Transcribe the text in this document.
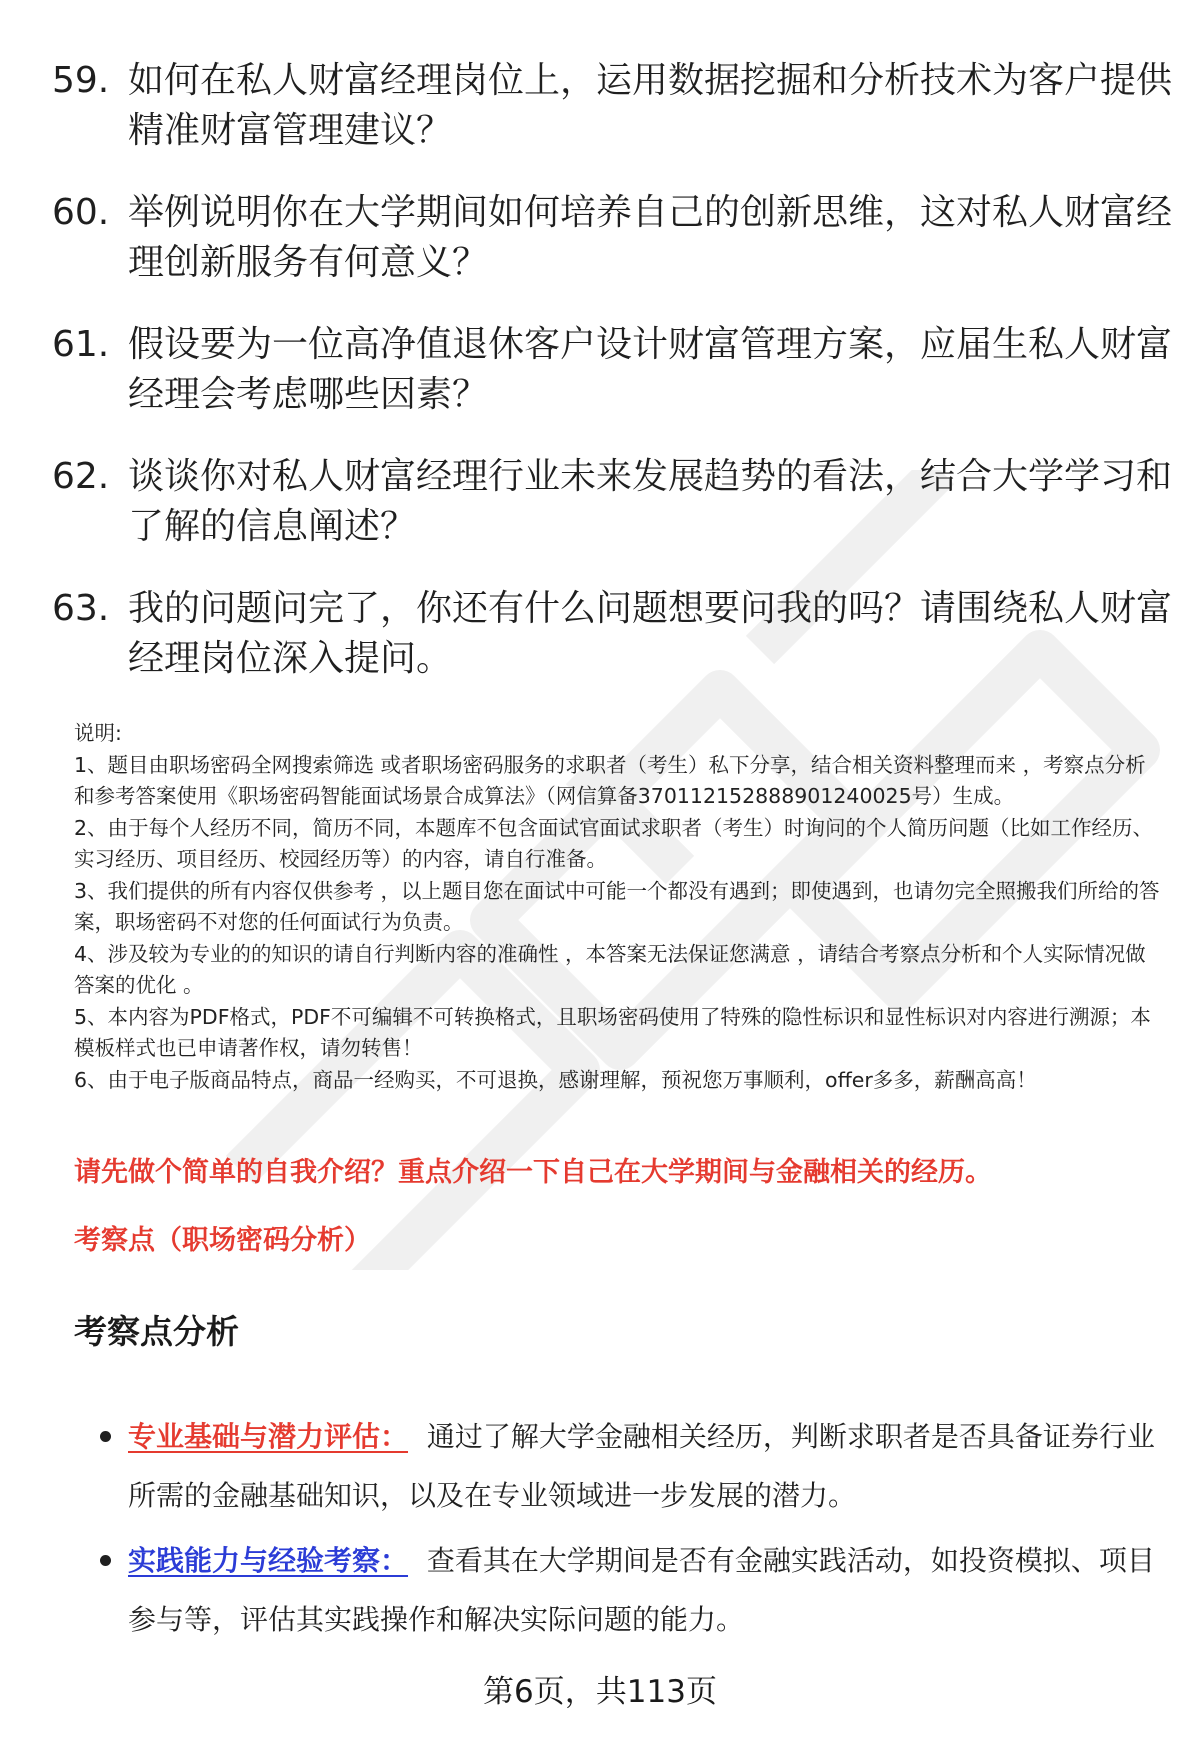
59. 如何在私人财富经理岗位上，运用数据挖掘和分析技术为客户提供精准财富管理建议？
60. 举例说明你在大学期间如何培养自己的创新思维，这对私人财富经理创新服务有何意义？
61. 假设要为一位高净值退休客户设计财富管理方案，应届生私人财富经理会考虑哪些因素？
62. 谈谈你对私人财富经理行业未来发展趋势的看法，结合大学学习和了解的信息阐述？
63. 我的问题问完了，你还有什么问题想要问我的吗？请围绕私人财富经理岗位深入提问。

说明:

1、题目由职场密码全网搜索筛选 或者职场密码服务的求职者（考生）私下分享，结合相关资料整理而来 ，考察点分析和参考答案使用《职场密码智能面试场景合成算法》（网信算备370112152888901240025号）生成。

2、由于每个人经历不同，简历不同，本题库不包含面试官面试求职者（考生）时询问的个人简历问题（比如工作经历、实习经历、项目经历、校园经历等）的内容，请自行准备。

3、我们提供的所有内容仅供参考 ，以上题目您在面试中可能一个都没有遇到；即使遇到，也请勿完全照搬我们所给的答案，职场密码不对您的任何面试行为负责。

4、涉及较为专业的的知识的请自行判断内容的准确性 ，本答案无法保证您满意 ，请结合考察点分析和个人实际情况做答案的优化 。

5、本内容为PDF格式，PDF不可编辑不可转换格式，且职场密码使用了特殊的隐性标识和显性标识对内容进行溯源；本模板样式也已申请著作权，请勿转售！

6、由于电子版商品特点，商品一经购买，不可退换，感谢理解，预祝您万事顺利，offer多多，薪酬高高！

请先做个简单的自我介绍？重点介绍一下自己在大学期间与金融相关的经历。
考察点（职场密码分析）
考察点分析
专业基础与潜力评估： 通过了解大学金融相关经历，判断求职者是否具备证券行业所需的金融基础知识，以及在专业领域进一步发展的潜力。
实践能力与经验考察： 查看其在大学期间是否有金融实践活动，如投资模拟、项目参与等，评估其实践操作和解决实际问题的能力。
第6页，共113页
